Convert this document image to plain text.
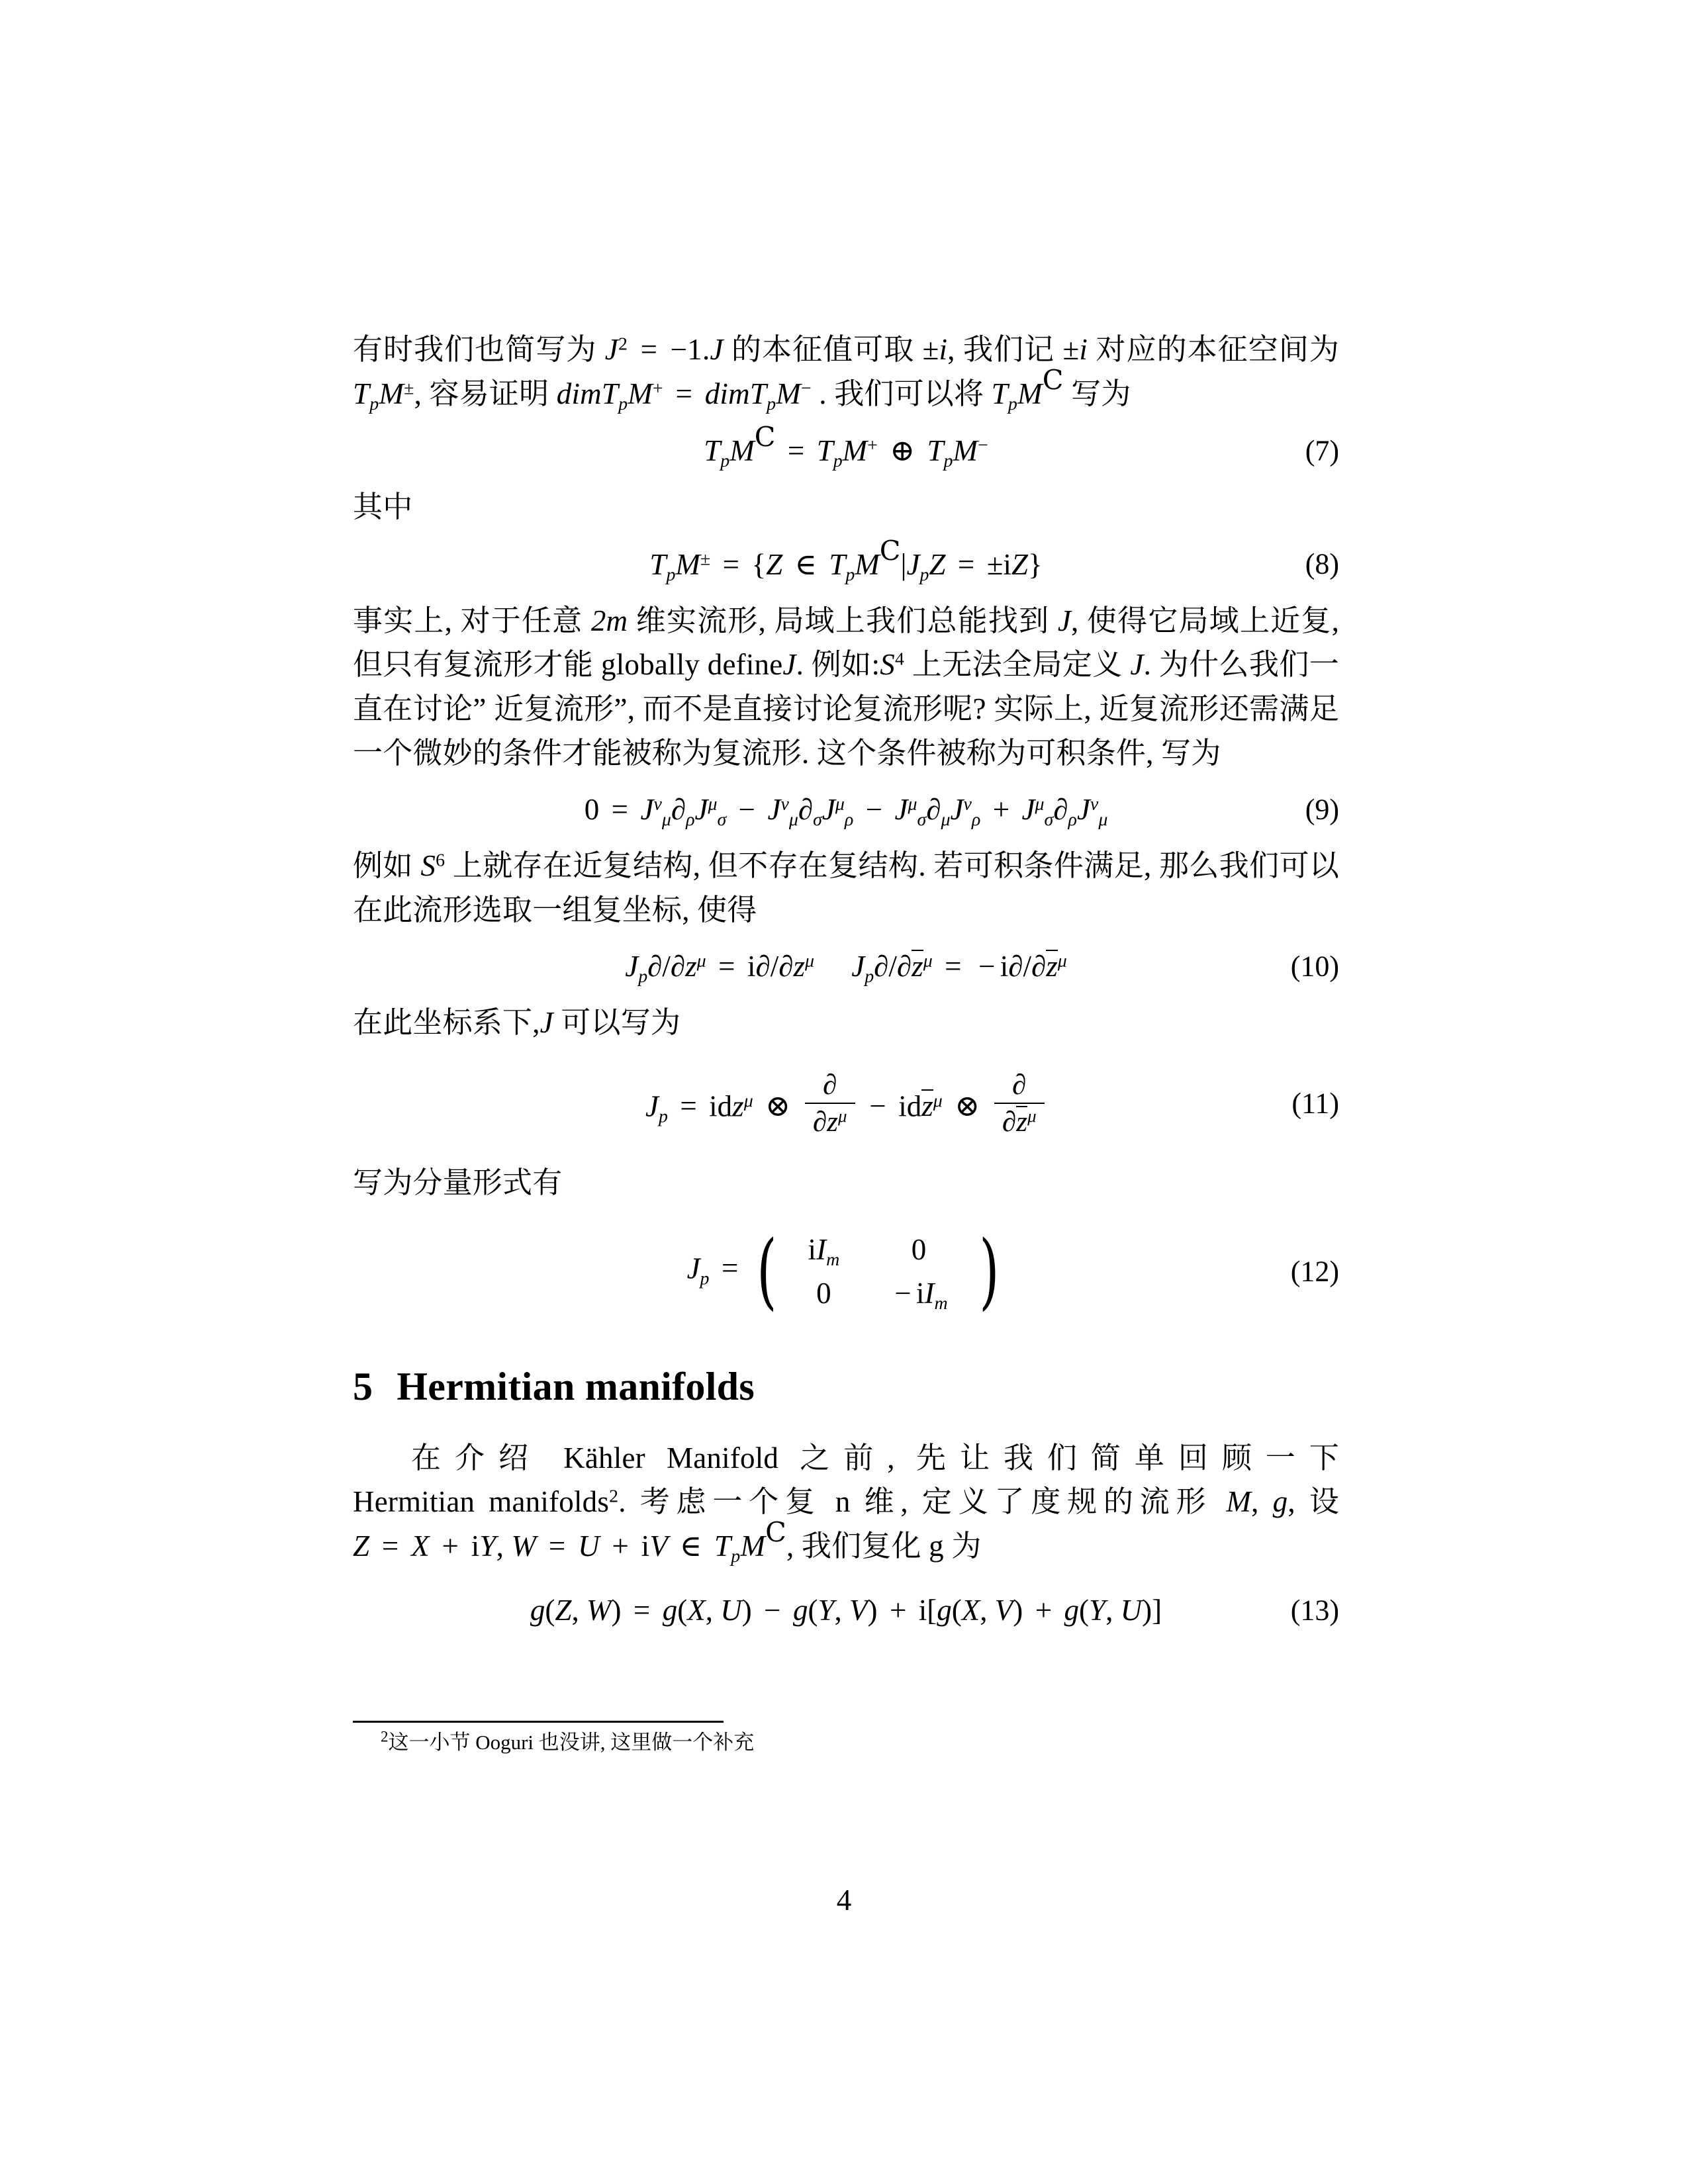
有时我们也简写为 $J^2 = -1.J$ 的本征值可取 ±i, 我们记 ±i 对应的本征空间为 $T_pM^\pm$, 容易证明 dimT$_p$M+ = dimT$_p$M− . 我们可以将 $T_pM^C$ 写为

$T_pM^C = T_pM^+$ ⊕ $T_pM^-$	(7)

其中

$T_pM^\pm = \{Z$ ∈ $T_pM^C|J_pZ = \pm iZ$}	(8)

事实上, 对于任意 2m 维实流形, 局域上我们总能找到 J, 使得它局域上近复, 但只有复流形才能 globally defineJ. 例如$:S^4$ 上无法全局定义 J. 为什么我们一直在讨论” 近复流形”, 而不是直接讨论复流形呢? 实际上, 近复流形还需满足一个微妙的条件才能被称为复流形. 这个条件被称为可积条件, 写为

$0 = J^\nu_\mu\partial_\rho J^\mu_\sigma - J^\nu_\mu\partial_\sigma J^\mu_\rho - J^\mu_\sigma\partial_\mu J^\nu_\rho + J^\mu_\sigma\partial_\rho J^\nu_\mu$	(9)

例如 $S^6$ 上就存在近复结构, 但不存在复结构. 若可积条件满足, 那么我们可以在此流形选取一组复坐标, 使得

$J_p\partial/\partial z^\mu = i\partial/\partial z^\mu$ $J_p\partial/\partial z^\mu$ = − $i\partial/\partial z^\mu$	(10)

在此坐标系下,J 可以写为

$J_p = idz^\mu$ ⊗ $\frac{\partial}{\partial z^\mu} - idz^\mu$ ⊗ $\frac{\partial}{\partial z^\mu}$	(11)

写为分量形式有

$J_p$ = ( $iI_m$	0
0	− $iI_m$ )	(12)
5 Hermitian manifolds

在介绍 Kähler Manifold 之前, 先让我们简单回顾一下 Hermitian manifolds$^2$. 考虑一个复 n 维, 定义了度规的流形 M, g, 设 Z = X + iY, W = U + iV ∈ $T_pM^C$, 我们复化 g 为

g(Z, W) = g(X, U) − g(Y, V) + i[g(X, V) + g(Y, U)]	(13)

$^2$这一小节 Ooguri 也没讲, 这里做一个补充

4
